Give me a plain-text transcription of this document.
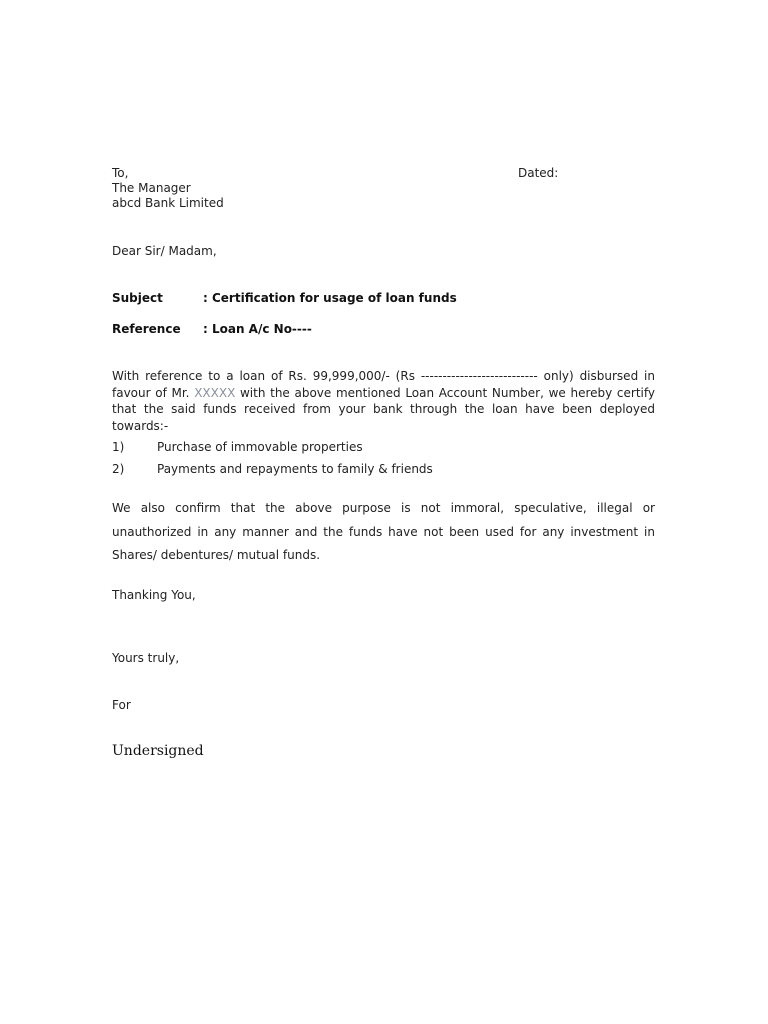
To,
The Manager
abcd Bank Limited
Dated:
Dear Sir/ Madam,
Subject	: Certification for usage of loan funds
Reference : Loan A/c No----

With reference to a loan of Rs. 99,999,000/- (Rs --------------------------- only) disbursed in favour of Mr. XXXXX with the above mentioned Loan Account Number, we hereby certify that the said funds received from your bank through the loan have been deployed towards:-

1)	Purchase of immovable properties
2)	Payments and repayments to family & friends

We also confirm that the above purpose is not immoral, speculative, illegal or unauthorized in any manner and the funds have not been used for any investment in Shares/ debentures/ mutual funds.

Thanking You,
Yours truly,
For
Undersigned
